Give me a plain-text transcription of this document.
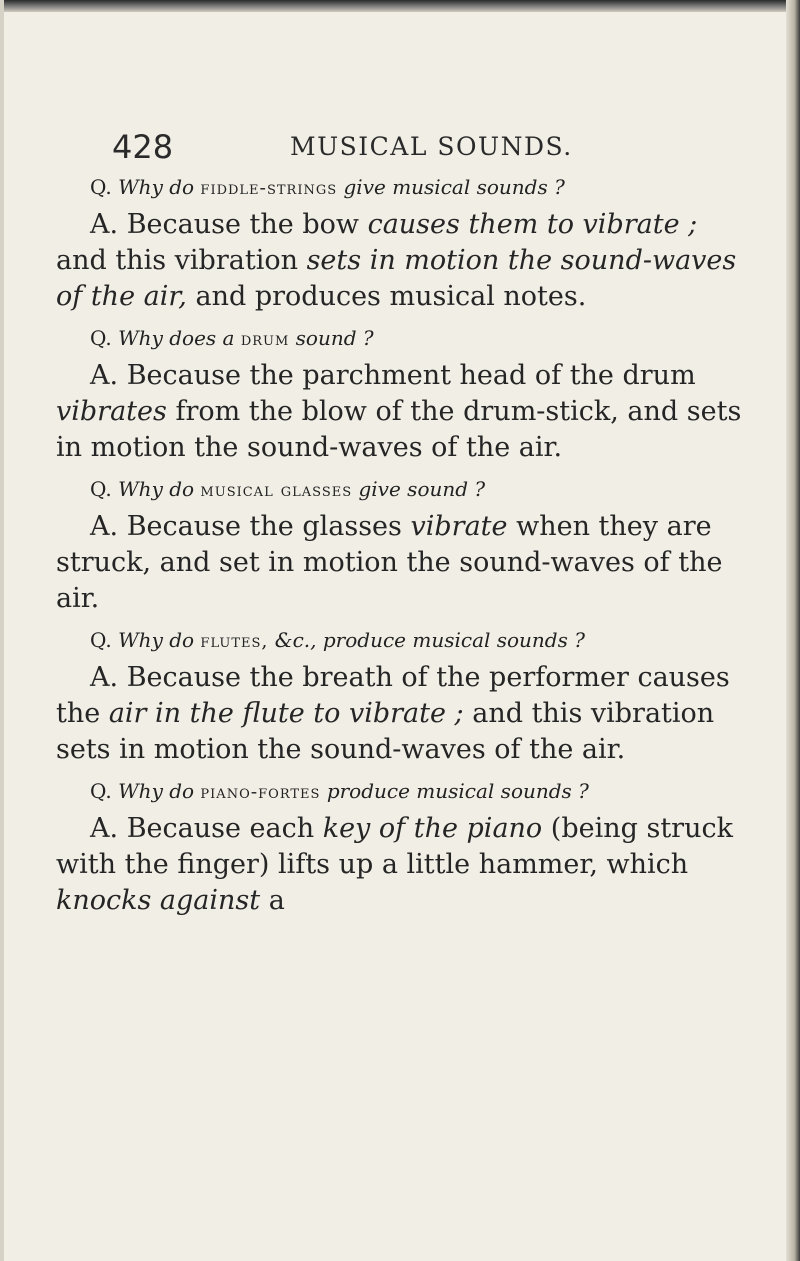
428	MUSICAL SOUNDS.

Q. Why do fiddle-strings give musical sounds ?

A. Because the bow causes them to vibrate ; and this vibration sets in motion the sound-waves of the air, and produces musical notes.

Q. Why does a drum sound ?

A. Because the parchment head of the drum vibrates from the blow of the drum-stick, and sets in motion the sound-waves of the air.

Q. Why do musical glasses give sound ?

A. Because the glasses vibrate when they are struck, and set in motion the sound-waves of the air.

Q. Why do flutes, &c., produce musical sounds ?

A. Because the breath of the performer causes the air in the flute to vibrate ; and this vibration sets in motion the sound-waves of the air.

Q. Why do piano-fortes produce musical sounds ?

A. Because each key of the piano (being struck with the finger) lifts up a little hammer, which knocks against a
